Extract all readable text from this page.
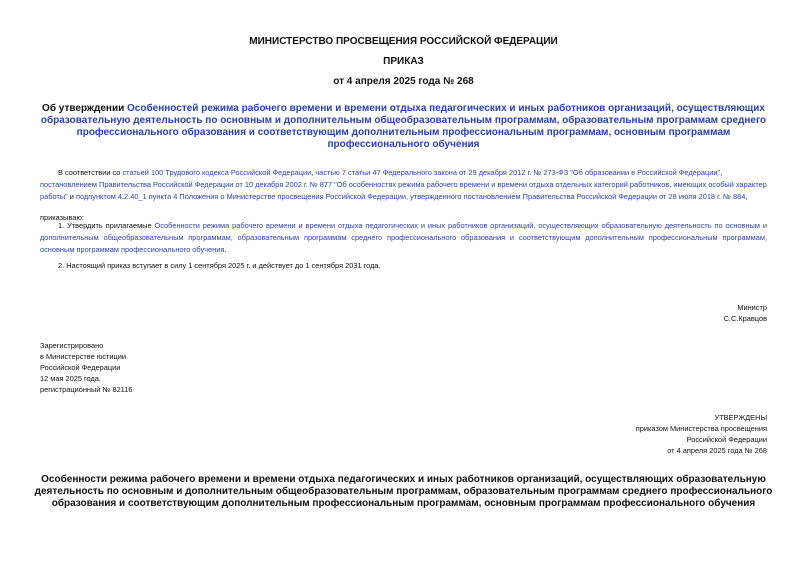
МИНИСТЕРСТВО ПРОСВЕЩЕНИЯ РОССИЙСКОЙ ФЕДЕРАЦИИ

ПРИКАЗ

от 4 апреля 2025 года № 268

Об утверждении Особенностей режима рабочего времени и времени отдыха педагогических и иных работников организаций, осуществляющих образовательную деятельность по основным и дополнительным общеобразовательным программам, образовательным программам среднего профессионального образования и соответствующим дополнительным профессиональным программам, основным программам профессионального обучения

В соответствии со статьей 100 Трудового кодекса Российской Федерации, частью 7 статьи 47 Федерального закона от 29 декабря 2012 г. № 273-ФЗ "Об образовании в Российской Федерации", постановлением Правительства Российской Федерации от 10 декабря 2002 г. № 877 "Об особенностях режима рабочего времени и времени отдыха отдельных категорий работников, имеющих особый характер работы" и подпунктом 4.2.40_1 пункта 4 Положения о Министерстве просвещения Российской Федерации, утвержденного постановлением Правительства Российской Федерации от 28 июля 2018 г. № 884,

приказываю:

1. Утвердить прилагаемые Особенности режима рабочего времени и времени отдыха педагогических и иных работников организаций, осуществляющих образовательную деятельность по основным и дополнительным общеобразовательным программам, образовательным программам среднего профессионального образования и соответствующим дополнительным профессиональным программам, основным программам профессионального обучения.

2. Настоящий приказ вступает в силу 1 сентября 2025 г. и действует до 1 сентября 2031 года.

Министр
С.С.Кравцов

Зарегистрировано
в Министерстве юстиции
Российской Федерации
12 мая 2025 года,
регистрационный № 82116

УТВЕРЖДЕНЫ
приказом Министерства просвещения
Российской Федерации
от 4 апреля 2025 года № 268

Особенности режима рабочего времени и времени отдыха педагогических и иных работников организаций, осуществляющих образовательную деятельность по основным и дополнительным общеобразовательным программам, образовательным программам среднего профессионального образования и соответствующим дополнительным профессиональным программам, основным программам профессионального обучения
